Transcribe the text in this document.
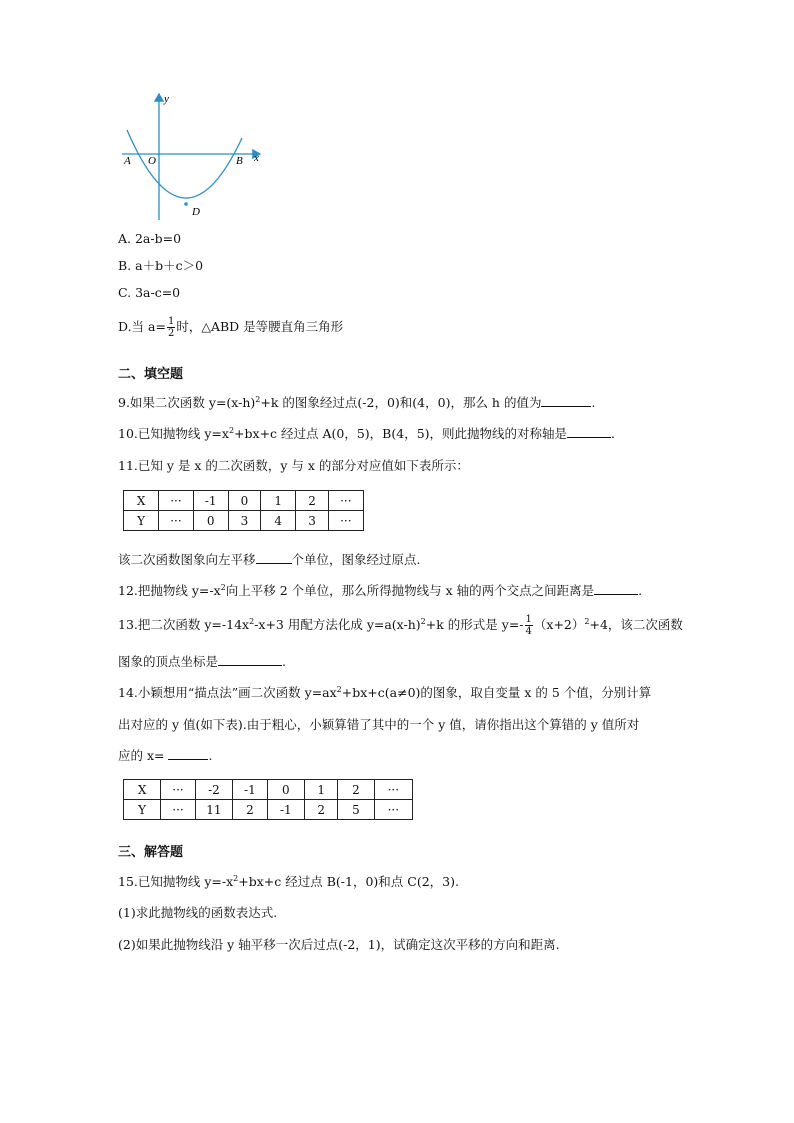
y
x
A O	B
D
A. 2a-b=0
B. a＋b＋c＞0
C. 3a-c=0
D.当 $a= \frac{1}{2}$ 时，△ABD 是等腰直角三角形
二、填空题
9.如果二次函数 $y=(x-h)^2+k$ 的图象经过点(-2，0)和(4，0)，那么 h 的值为	.
10.已知抛物线 $y=x^2+bx+c$ 经过点 A(0，5)，B(4，5)，则此抛物线的对称轴是	.
11.已知 y 是 x 的二次函数，y 与 x 的部分对应值如下表所示：
X	···	-1	0	1	2	···
Y	···	0	3	4	3	···
该二次函数图象向左平移	个单位，图象经过原点.
12.把抛物线 $y=-x^2$向上平移 2 个单位，那么所得抛物线与 x 轴的两个交点之间距离是	.
13.把二次函数 $y=-14x^2-x+3$ 用配方法化成 $y=a(x-h)^2+k$ 的形式是 $y=- \frac{1}{4} (x+2)^2+4$，该二次函数
图象的顶点坐标是	.
14.小颖想用“描点法”画二次函数 $y=ax^2+bx+c(a\ne 0)$的图象，取自变量 x 的 5 个值，分别计算
出对应的 y 值(如下表).由于粗心，小颖算错了其中的一个 y 值，请你指出这个算错的 y 值所对
应的 x=	.
X	···	-2	-1	0	1	2	···
Y	···	11	2	-1	2	5	···
三、解答题
15.已知抛物线 $y=-x^2+bx+c$ 经过点 B(-1，0)和点 C(2，3).
(1)求此抛物线的函数表达式.
(2)如果此抛物线沿 y 轴平移一次后过点(-2，1)，试确定这次平移的方向和距离.
